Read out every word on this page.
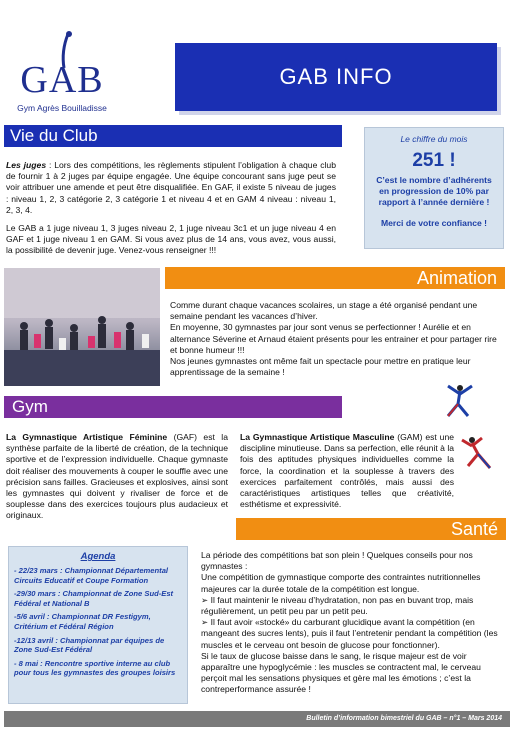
GAB
Gym Agrès Bouilladisse
GAB INFO
Vie du Club

Les juges : Lors des compétitions, les règlements stipulent l’obligation à chaque club de fournir 1 à 2 juges par équipe engagée. Une équipe concourant sans juge peut se voir attribuer une amende et peut être disqualifiée. En GAF, il existe 5 niveau de juges : niveau 1, 2, 3 catégorie 2, 3 catégorie 1 et niveau 4 et en GAM 4 niveau : niveau 1, 2, 3, 4.

Le GAB a 1 juge niveau 1, 3 juges niveau 2, 1 juge niveau 3c1 et un juge niveau 4 en GAF et 1 juge niveau 1 en GAM. Si vous avez plus de 14 ans, vous avez, vous aussi, la possibilité de devenir juge. Venez-vous renseigner !!!

Le chiffre du mois
251 !
C’est le nombre d’adhérents en progression de 10% par rapport à l’année dernière !
Merci de votre confiance !
Animation

Comme durant chaque vacances scolaires, un stage a été organisé pendant une semaine pendant les vacances d’hiver.

En moyenne, 30 gymnastes par jour sont venus se perfectionner ! Aurélie et en alternance Séverine et Arnaud étaient présents pour les entrainer et pour partager rire et bonne humeur !!!

Nos jeunes gymnastes ont même fait un spectacle pour mettre en pratique leur apprentissage de la semaine !

Gym

La Gymnastique Artistique Féminine (GAF) est la synthèse parfaite de la liberté de création, de la technique sportive et de l’expression individuelle. Chaque gymnaste doit réaliser des mouvements à couper le souffle avec une précision sans failles. Gracieuses et explosives, ainsi sont les gymnastes qui doivent y rivaliser de force et de souplesse dans des exercices toujours plus audacieux et originaux.

La Gymnastique Artistique Masculine (GAM) est une discipline minutieuse. Dans sa perfection, elle réunit à la fois des aptitudes physiques individuelles comme la force, la coordination et la souplesse à travers des exercices parfaitement contrôlés, mais aussi des caractéristiques artistiques telles que créativité, esthétisme et expressivité.

Santé
Agenda
- 22/23 mars : Championnat Départemental Circuits Educatif et Coupe Formation
-29/30 mars : Championnat de Zone Sud-Est Fédéral et National B
-5/6 avril : Championnat DR Festigym, Critérium et Fédéral Région
-12/13 avril : Championnat par équipes de Zone Sud-Est Fédéral
- 8 mai : Rencontre sportive interne au club pour tous les gymnastes des groupes loisirs

La période des compétitions bat son plein ! Quelques conseils pour nos gymnastes :

Une compétition de gymnastique comporte des contraintes nutritionnelles majeures car la durée totale de la compétition est longue.

➢ Il faut maintenir le niveau d’hydratation, non pas en buvant trop, mais régulièrement, un petit peu par un petit peu.

➢ Il faut avoir «stocké» du carburant glucidique avant la compétition (en mangeant des sucres lents), puis il faut l’entretenir pendant la compétition (les muscles et le cerveau ont besoin de glucose pour fonctionner).

Si le taux de glucose baisse dans le sang, le risque majeur est de voir apparaître une hypoglycémie : les muscles se contractent mal, le cerveau perçoit mal les sensations physiques et gère mal les émotions ; c’est la contreperformance assurée !

Bulletin d’information bimestriel du GAB – n°1 – Mars 2014
